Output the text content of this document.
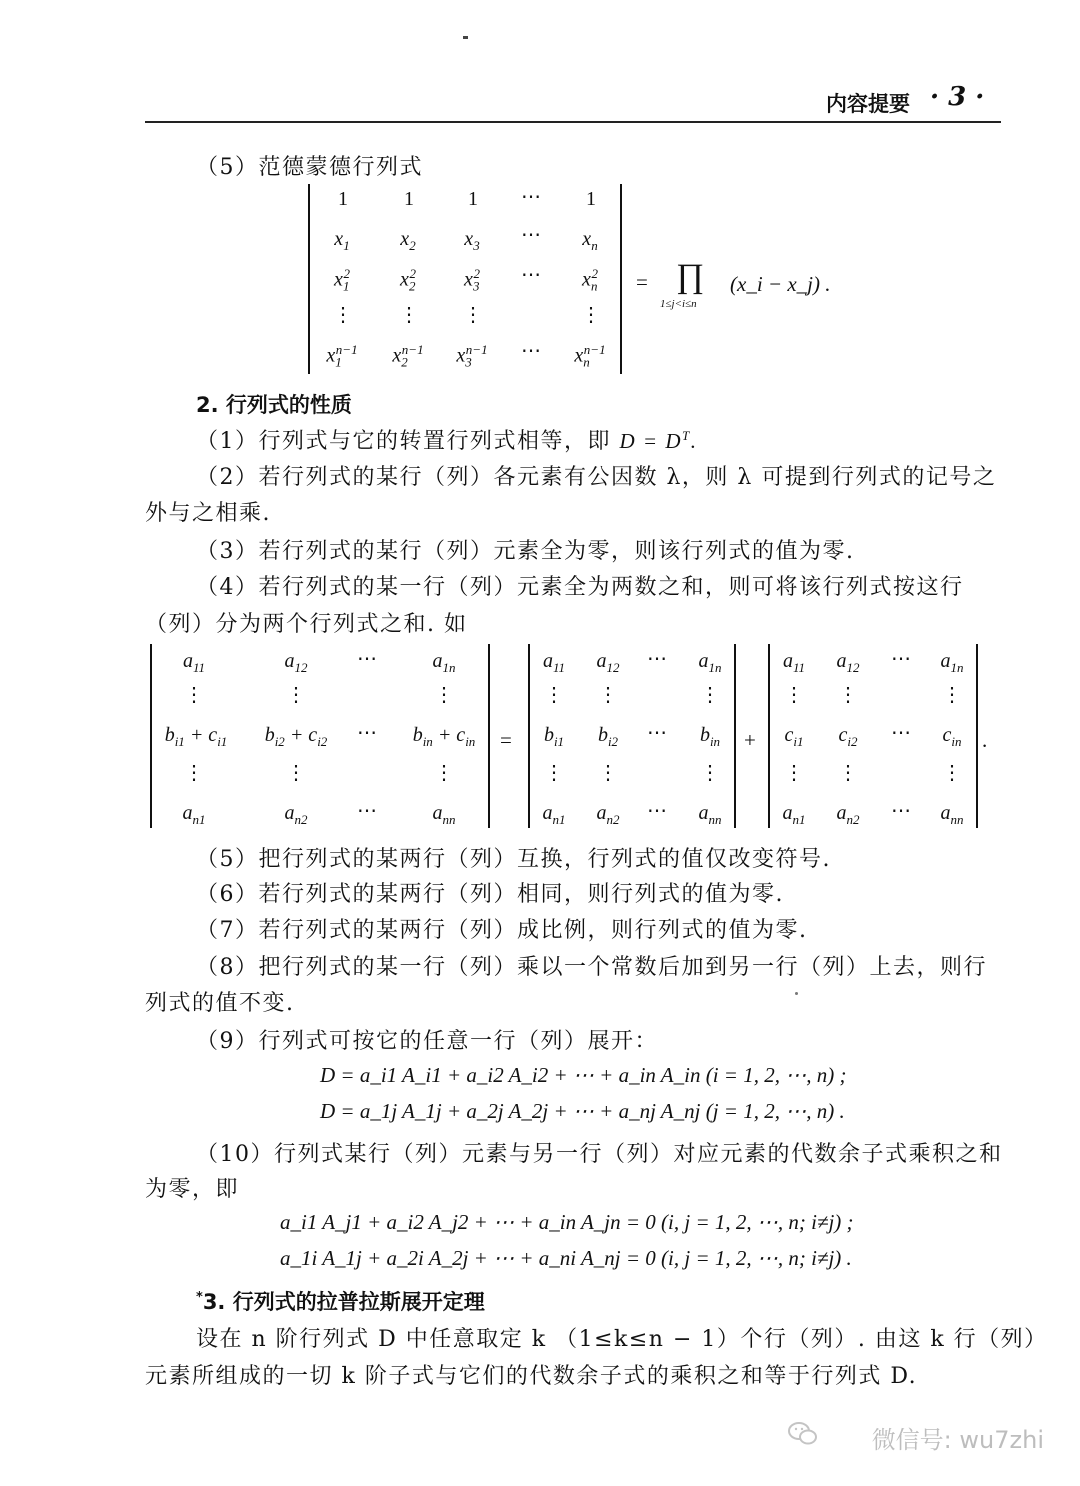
内容提要 · 3 ·
（5）范德蒙德行列式
1	1	1	⋯	1
$x_1$	$x_2$	$x_3$	⋯	$x_n$
$x_1^2$	$x_2^2$	$x_3^2$	⋯	$x_n^2$
⋮ ⋮ ⋮	⋮
$x_1^{n-1}$	$x_2^{n-1}$	$x_3^{n-1}$	⋯	$x_n^{n-1}$
= ∏
1≤j<i≤n
(x_i − x_j) .
2. 行列式的性质
（1）行列式与它的转置行列式相等，即 $D = D^T$.
（2）若行列式的某行（列）各元素有公因数 λ，则 λ 可提到行列式的记号之
外与之相乘.
（3）若行列式的某行（列）元素全为零，则该行列式的值为零.
（4）若行列式的某一行（列）元素全为两数之和，则可将该行列式按这行
（列）分为两个行列式之和. 如
$a_{11}$	$a_{12}$	⋯	$a_{1n}$
⋮	⋮	⋮
$b_{i1} + c_{i1}$	$b_{i2} + c_{i2}$	⋯	$b_{in} + c_{in}$
⋮	⋮	⋮
$a_{n1}$	$a_{n2}$	⋯	$a_{nn}$
=
$a_{11}$	$a_{12}$	⋯	$a_{1n}$
⋮ ⋮	⋮
$b_{i1}$	$b_{i2}$	⋯	$b_{in}$
⋮ ⋮	⋮
$a_{n1}$	$a_{n2}$	⋯	$a_{nn}$
+
$a_{11}$	$a_{12}$	⋯	$a_{1n}$
⋮ ⋮	⋮
$c_{i1}$	$c_{i2}$	⋯	$c_{in}$
⋮ ⋮	⋮
$a_{n1}$	$a_{n2}$	⋯	$a_{nn}$
.
（5）把行列式的某两行（列）互换，行列式的值仅改变符号.
（6）若行列式的某两行（列）相同，则行列式的值为零.
（7）若行列式的某两行（列）成比例，则行列式的值为零.
（8）把行列式的某一行（列）乘以一个常数后加到另一行（列）上去，则行
列式的值不变.
（9）行列式可按它的任意一行（列）展开：
D = a_i1 A_i1 + a_i2 A_i2 + ⋯ + a_in A_in (i = 1, 2, ⋯, n) ;
D = a_1j A_1j + a_2j A_2j + ⋯ + a_nj A_nj (j = 1, 2, ⋯, n) .
（10）行列式某行（列）元素与另一行（列）对应元素的代数余子式乘积之和
为零，即
a_i1 A_j1 + a_i2 A_j2 + ⋯ + a_in A_jn = 0 (i, j = 1, 2, ⋯, n; i≠j) ;
a_1i A_1j + a_2i A_2j + ⋯ + a_ni A_nj = 0 (i, j = 1, 2, ⋯, n; i≠j) .
*3. 行列式的拉普拉斯展开定理
设在 n 阶行列式 D 中任意取定 k （1≤k≤n − 1）个行（列）. 由这 k 行（列）
元素所组成的一切 k 阶子式与它们的代数余子式的乘积之和等于行列式 D.
微信号: wu7zhi
